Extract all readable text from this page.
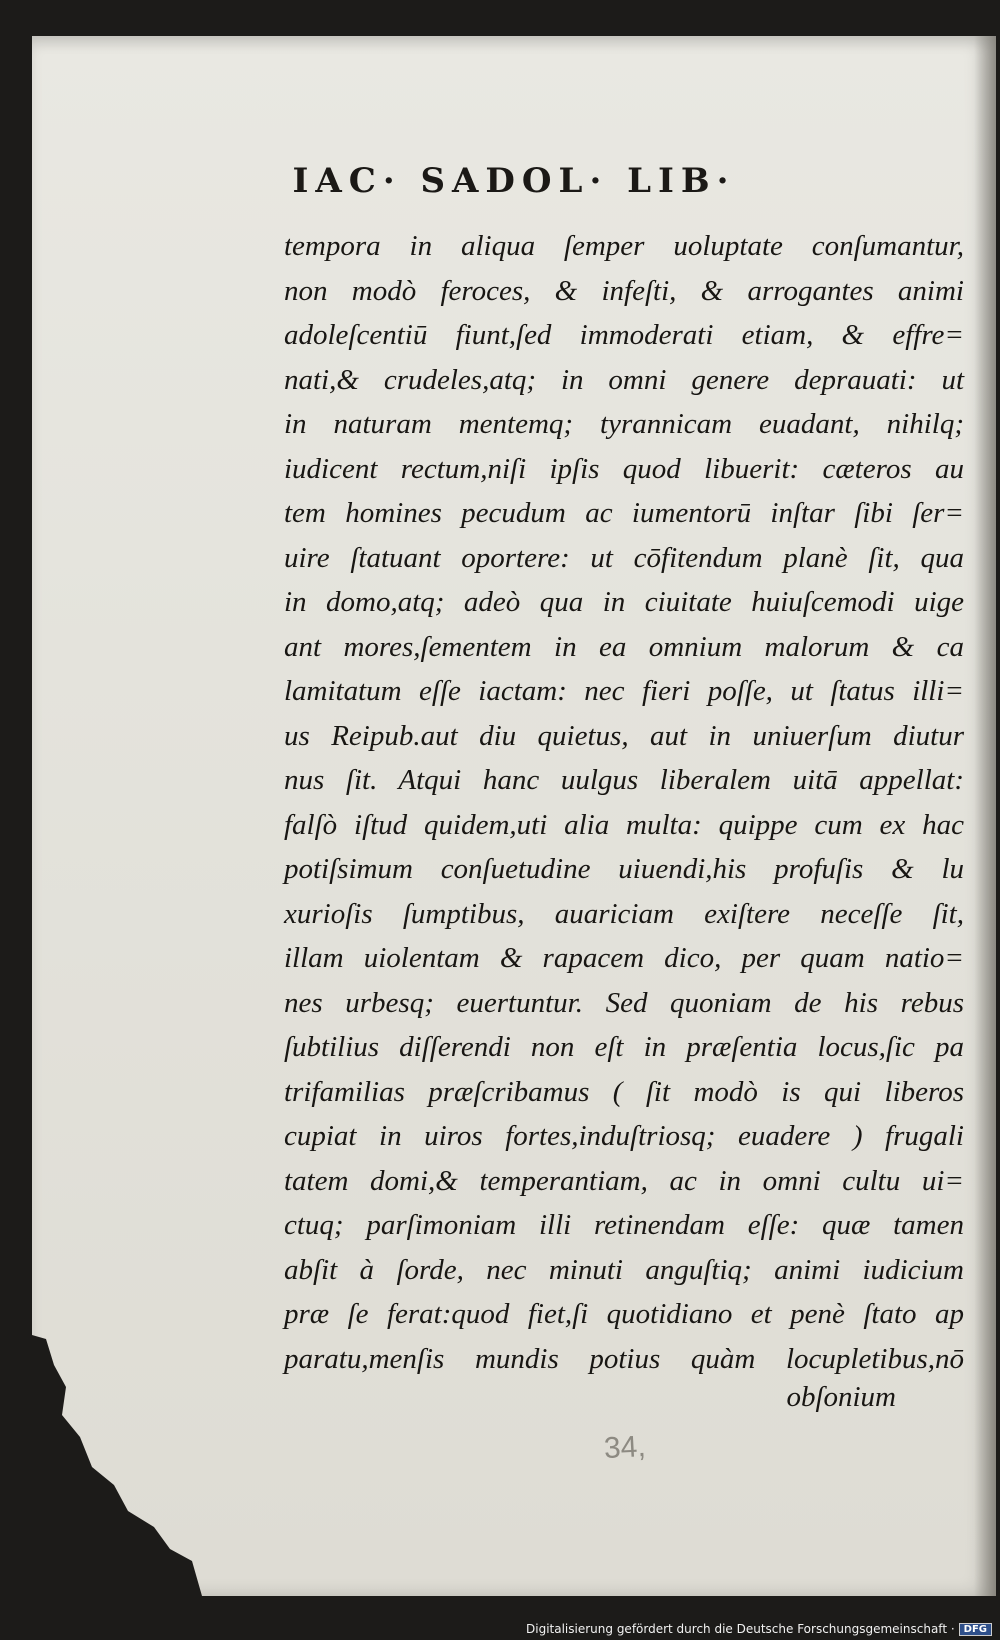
IAC· SADOL· LIB·
tempora in aliqua ſemper uoluptate conſumantur,
non modò feroces, & infeſti, & arrogantes animi
adoleſcentiū fiunt,ſed immoderati etiam, & effre=
nati,& crudeles,atq; in omni genere deprauati: ut
in naturam mentemq; tyrannicam euadant, nihilq;
iudicent rectum,niſi ipſis quod libuerit: cæteros au
tem homines pecudum ac iumentorū inſtar ſibi ſer=
uire ſtatuant oportere: ut cōfitendum planè ſit, qua
in domo,atq; adeò qua in ciuitate huiuſcemodi uige
ant mores,ſementem in ea omnium malorum & ca
lamitatum eſſe iactam: nec fieri poſſe, ut ſtatus illi=
us Reipub.aut diu quietus, aut in uniuerſum diutur
nus ſit. Atqui hanc uulgus liberalem uitā appellat:
falſò iſtud quidem,uti alia multa: quippe cum ex hac
potiſsimum conſuetudine uiuendi,his profuſis & lu
xurioſis ſumptibus, auariciam exiſtere neceſſe ſit,
illam uiolentam & rapacem dico, per quam natio=
nes urbesq; euertuntur. Sed quoniam de his rebus
ſubtilius diſſerendi non eſt in præſentia locus,ſic pa
trifamilias præſcribamus ( ſit modò is qui liberos
cupiat in uiros fortes,induſtriosq; euadere ) frugali
tatem domi,& temperantiam, ac in omni cultu ui=
ctuq; parſimoniam illi retinendam eſſe: quæ tamen
abſit à ſorde, nec minuti anguſtiq; animi iudicium
præ ſe ferat:quod fiet,ſi quotidiano et penè ſtato ap
paratu,menſis mundis potius quàm locupletibus,nō
obſonium
34,
Digitalisierung gefördert durch die Deutsche Forschungsgemeinschaft · DFG
